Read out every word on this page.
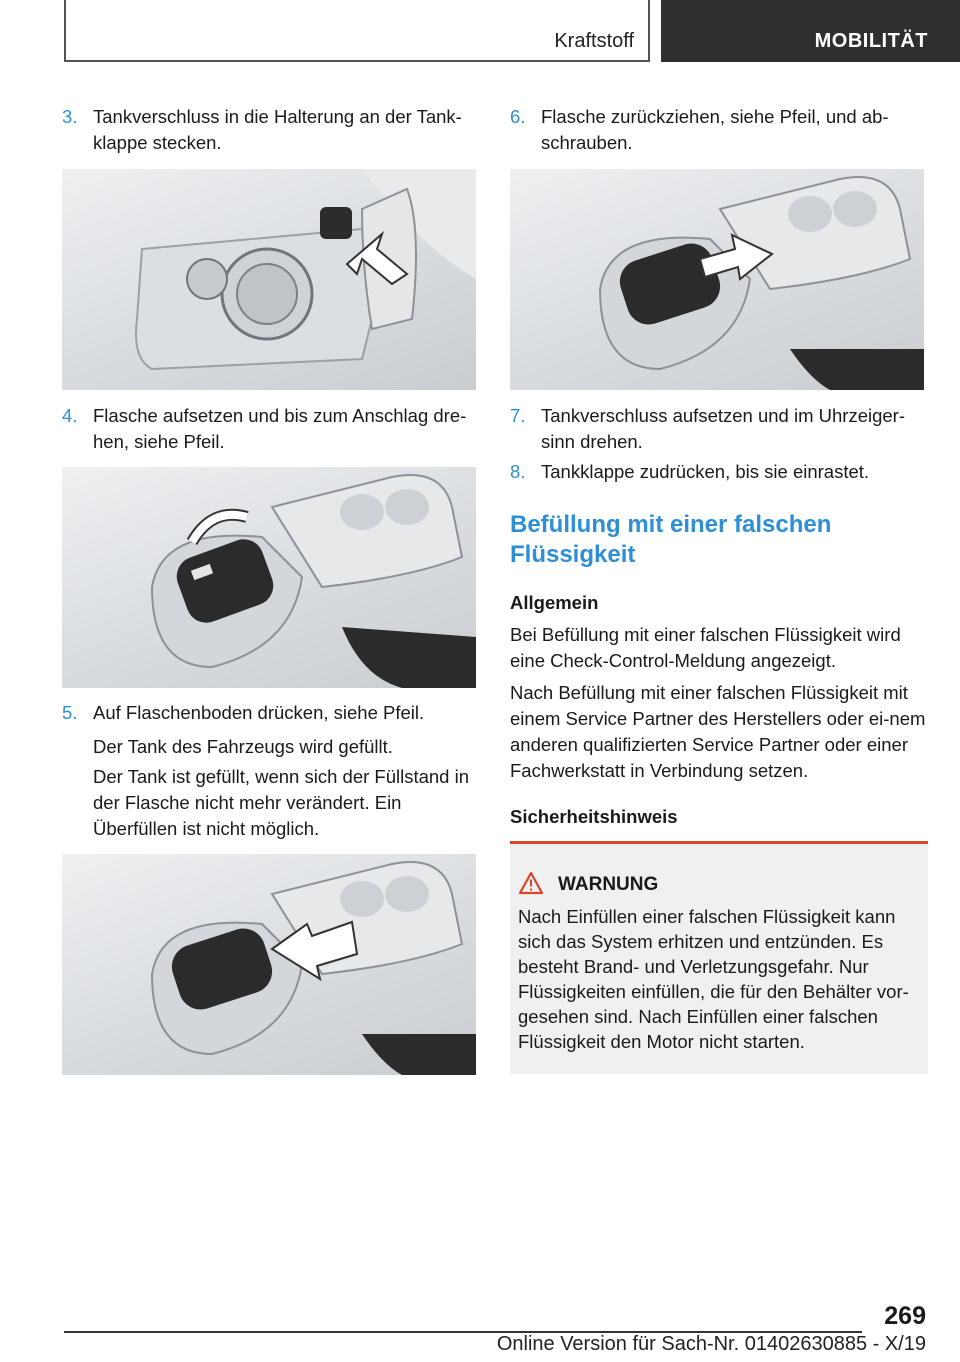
Kraftstoff	MOBILITÄT
3. Tankverschluss in die Halterung an der Tank-klappe stecken.
4. Flasche aufsetzen und bis zum Anschlag dre-hen, siehe Pfeil.
5. Auf Flaschenboden drücken, siehe Pfeil.
Der Tank des Fahrzeugs wird gefüllt.
Der Tank ist gefüllt, wenn sich der Füllstand in der Flasche nicht mehr verändert. Ein Überfüllen ist nicht möglich.
6. Flasche zurückziehen, siehe Pfeil, und ab-schrauben.
7. Tankverschluss aufsetzen und im Uhrzeiger-sinn drehen.
8. Tankklappe zudrücken, bis sie einrastet.
Befüllung mit einer falschen Flüssigkeit
Allgemein
Bei Befüllung mit einer falschen Flüssigkeit wird eine Check-Control-Meldung angezeigt.
Nach Befüllung mit einer falschen Flüssigkeit mit einem Service Partner des Herstellers oder ei-nem anderen qualifizierten Service Partner oder einer Fachwerkstatt in Verbindung setzen.
Sicherheitshinweis
WARNUNG
Nach Einfüllen einer falschen Flüssigkeit kann sich das System erhitzen und entzünden. Es besteht Brand- und Verletzungsgefahr. Nur Flüssigkeiten einfüllen, die für den Behälter vor-gesehen sind. Nach Einfüllen einer falschen Flüssigkeit den Motor nicht starten.
269
Online Version für Sach-Nr. 01402630885 - X/19
